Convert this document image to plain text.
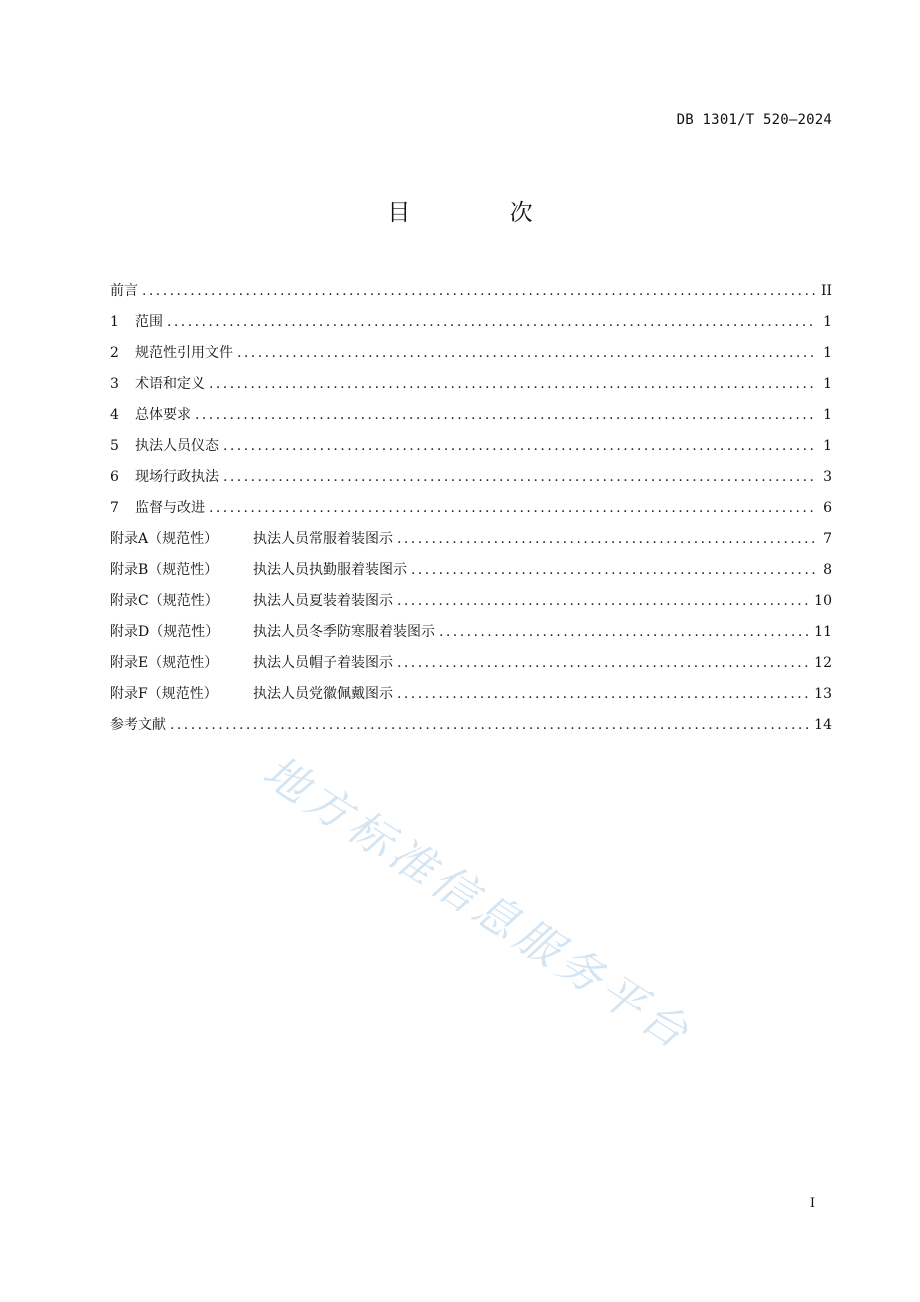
DB 1301/T 520—2024
目 次
前言 . . .	II
1	范围 . . .	1
2	规范性引用文件 . . .	1
3	术语和定义 . . .	1
4	总体要求 . . .	1
5	执法人员仪态 . . .	1
6	现场行政执法 . . .	3
7	监督与改进 . . .	6
附录A（规范性）	执法人员常服着装图示 . . .	7
附录B（规范性）	执法人员执勤服着装图示 . . .	8
附录C（规范性）	执法人员夏装着装图示 . . .	10
附录D（规范性）	执法人员冬季防寒服着装图示 . . .	11
附录E（规范性）	执法人员帽子着装图示 . . .	12
附录F（规范性）	执法人员党徽佩戴图示 . . .	13
参考文献 . . .	14
地方标准信息服务平台
I
